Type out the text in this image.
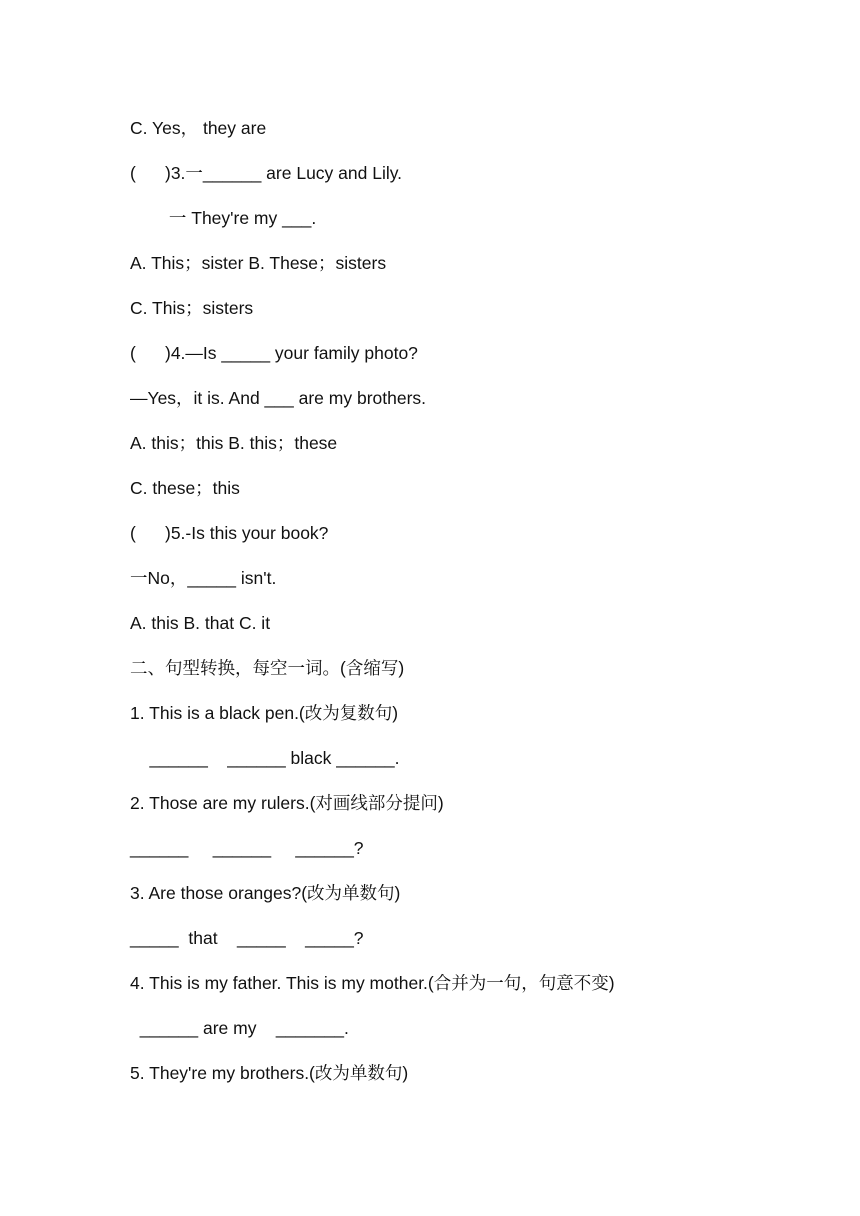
C. Yes， they are
(      )3.一______ are Lucy and Lily.
一 They're my ___.
A. This；sister B. These；sisters
C. This；sisters
(      )4.—Is _____ your family photo?
—Yes，it is. And ___ are my brothers.
A. this；this B. this；these
C. these；this
(      )5.-Is this your book?
一No，_____ isn't.
A. this B. that C. it
二、句型转换，每空一词。(含缩写)
1. This is a black pen.(改为复数句)
______    ______ black ______.
2. Those are my rulers.(对画线部分提问)
______     ______     ______?
3. Are those oranges?(改为单数句)
_____  that    _____    _____?
4. This is my father. This is my mother.(合并为一句，句意不变)
______ are my    _______.
5. They're my brothers.(改为单数句)
